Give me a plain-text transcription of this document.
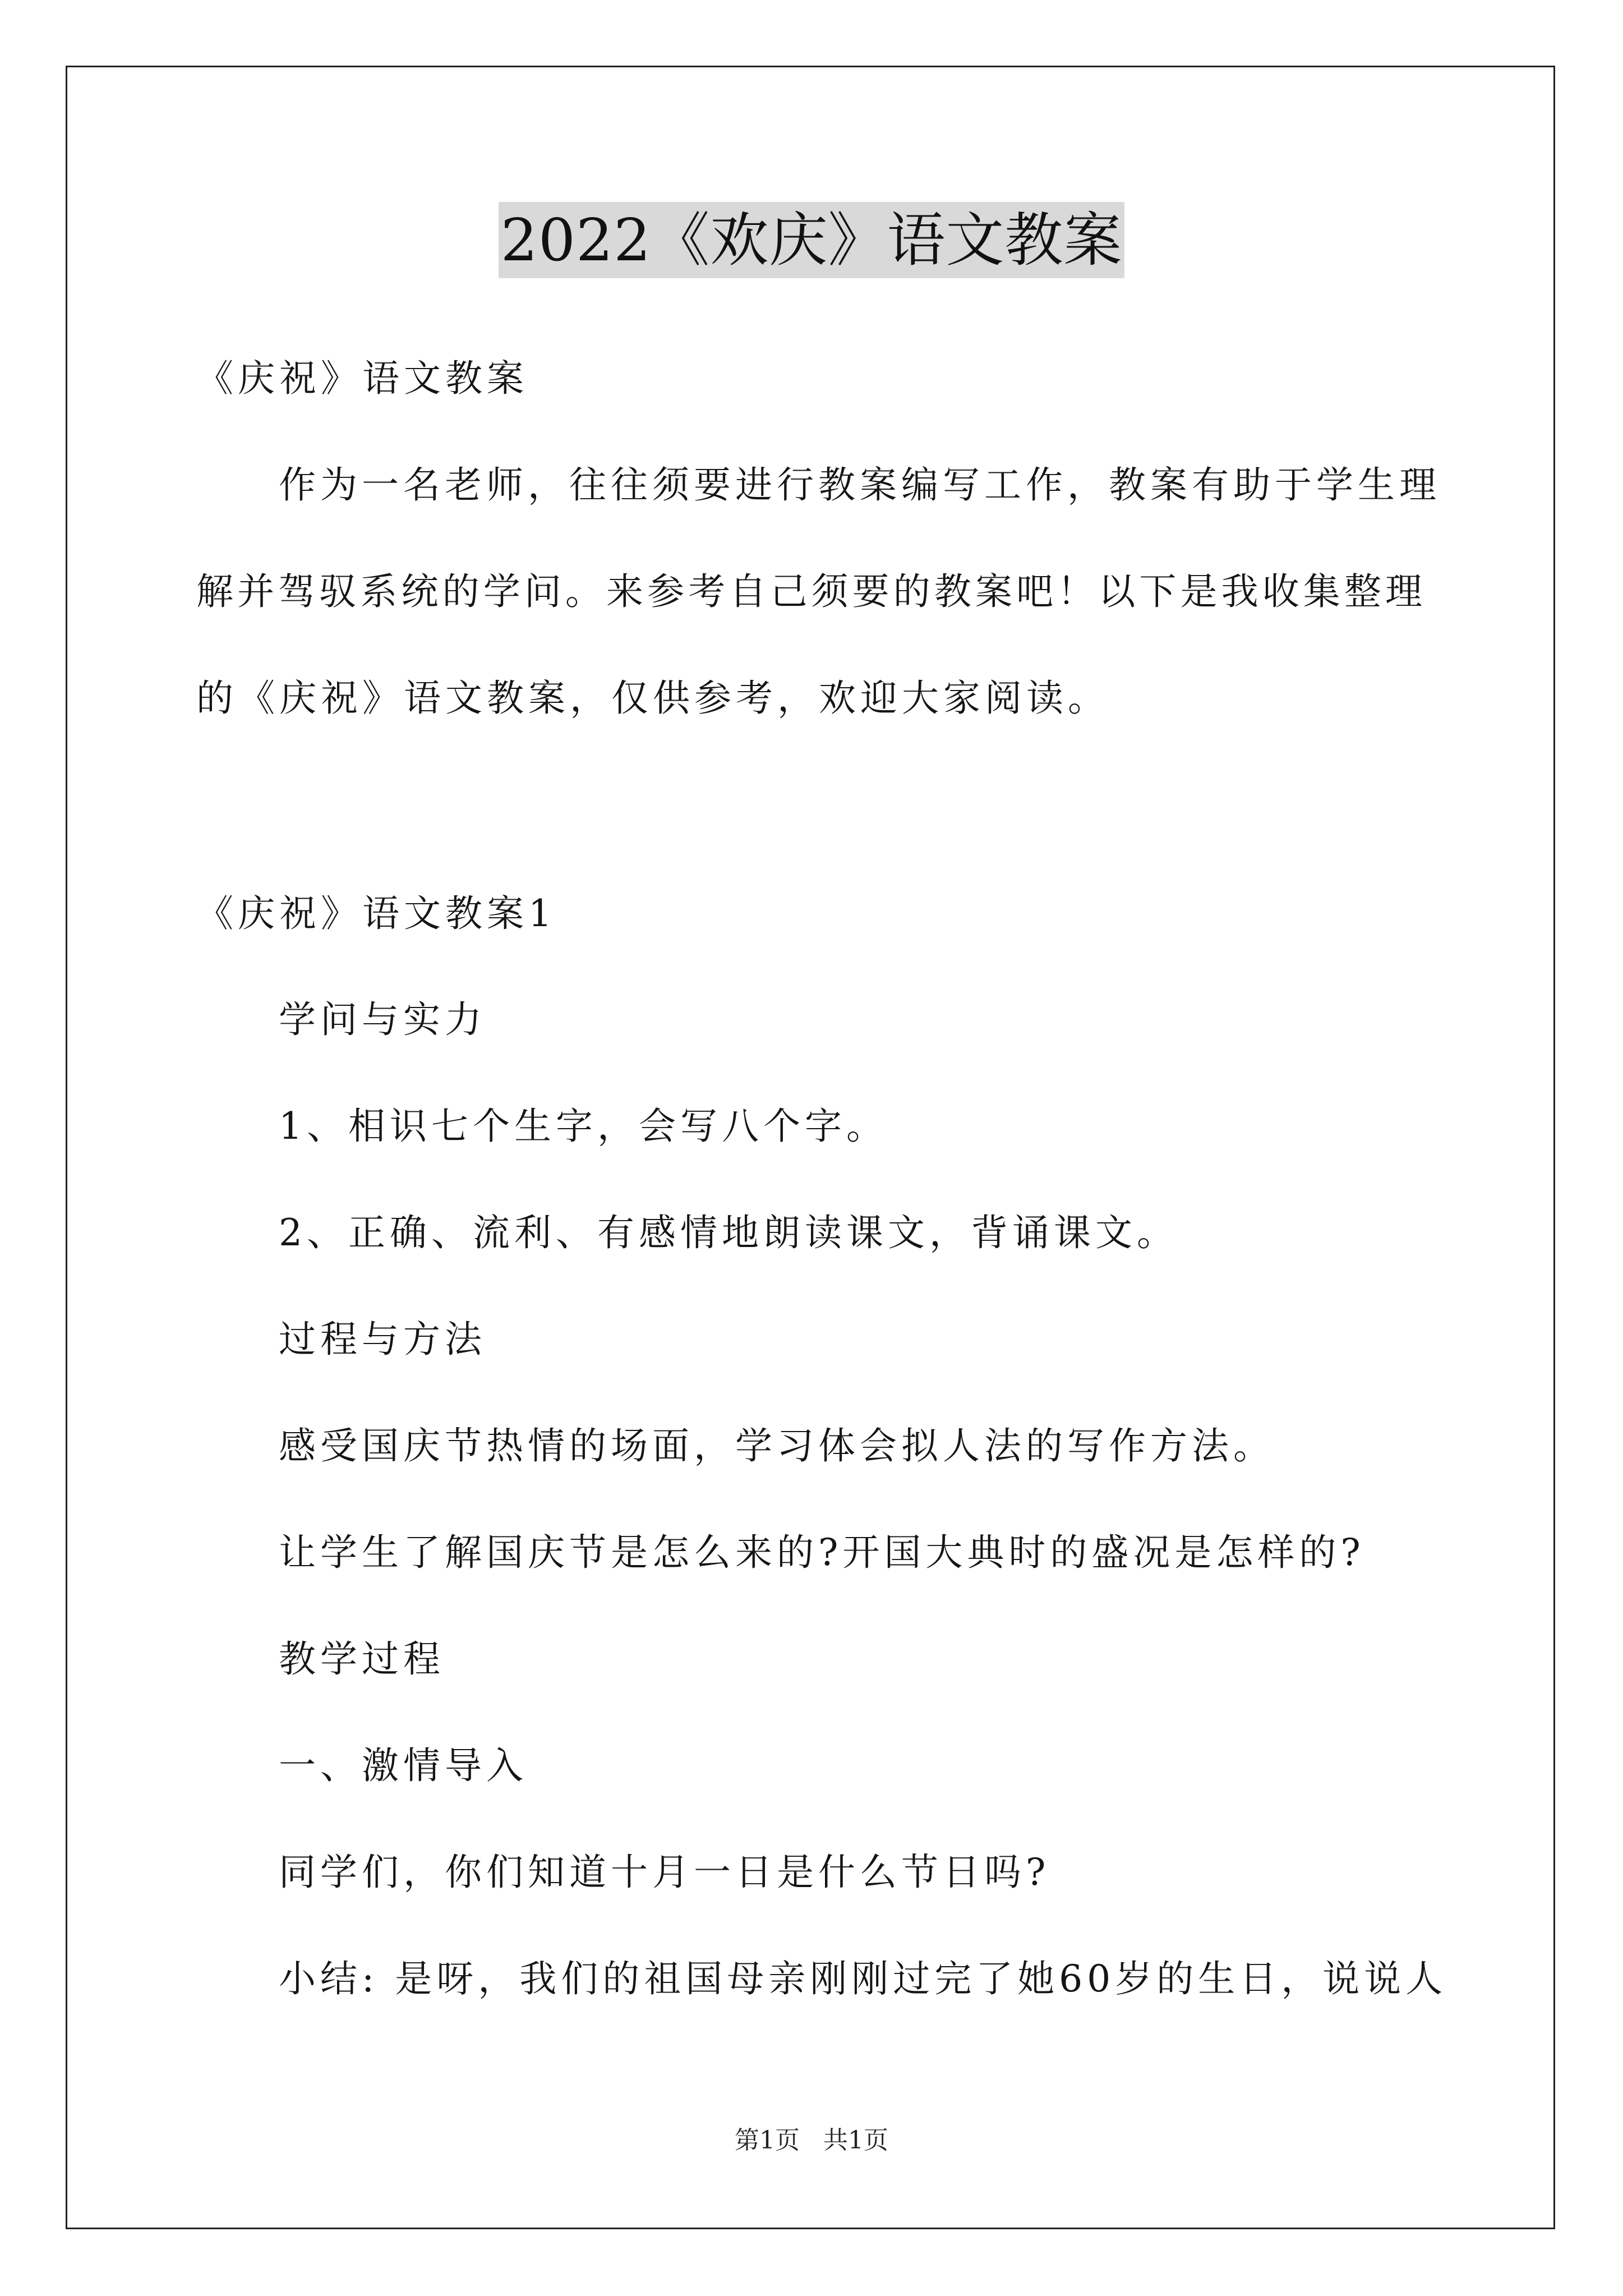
2022《欢庆》语文教案
《庆祝》语文教案
作为一名老师，往往须要进行教案编写工作，教案有助于学生理
解并驾驭系统的学问。来参考自己须要的教案吧！以下是我收集整理
的《庆祝》语文教案，仅供参考，欢迎大家阅读。
《庆祝》语文教案1
学问与实力
1、相识七个生字，会写八个字。
2、正确、流利、有感情地朗读课文，背诵课文。
过程与方法
感受国庆节热情的场面，学习体会拟人法的写作方法。
让学生了解国庆节是怎么来的?开国大典时的盛况是怎样的?
教学过程
一、激情导入
同学们，你们知道十月一日是什么节日吗?
小结: 是呀，我们的祖国母亲刚刚过完了她60岁的生日，说说人
第1页   共1页
